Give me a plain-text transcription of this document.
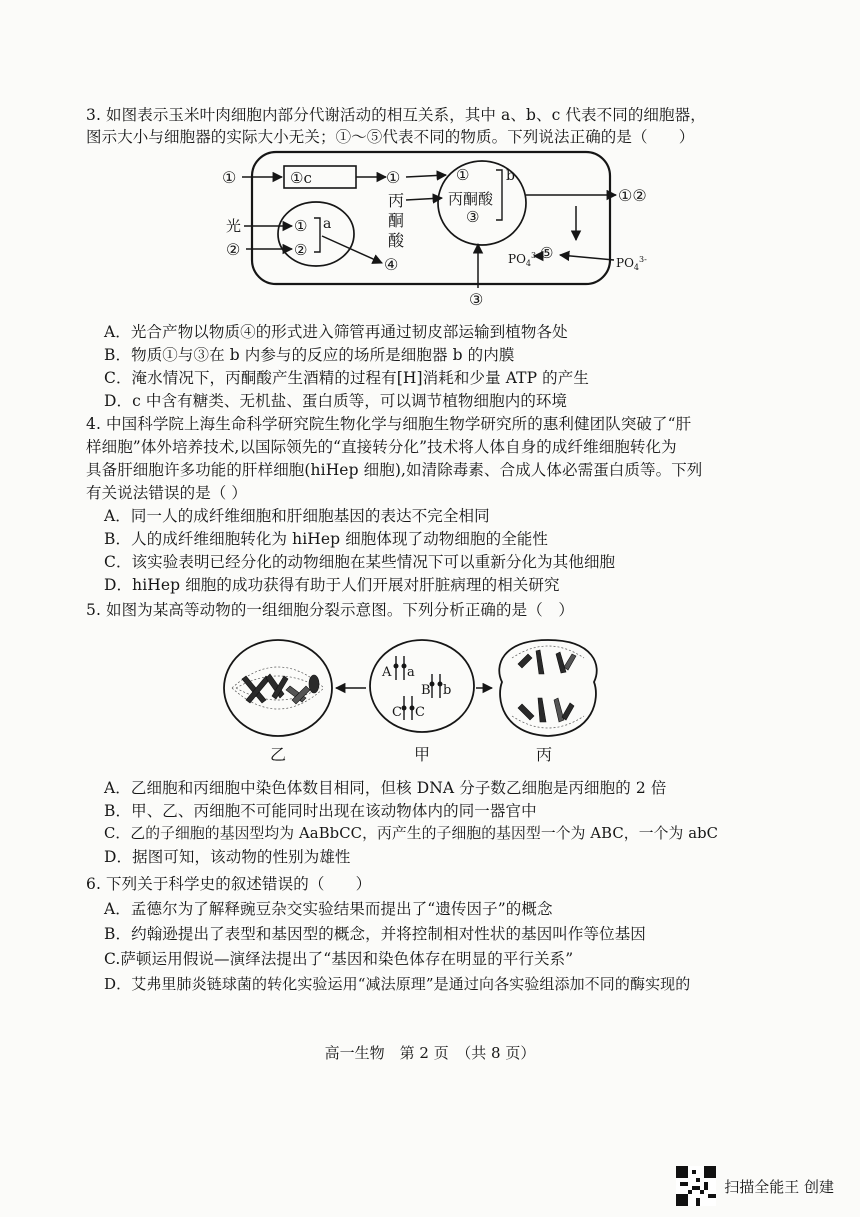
3. 如图表示玉米叶肉细胞内部分代谢活动的相互关系，其中 a、b、c 代表不同的细胞器，
图示大小与细胞器的实际大小无关；①～⑤代表不同的物质。下列说法正确的是（　　）
①c
①	①
丙
酮
酸
①
丙酮酸
③
b
①②
光
②
①
②
a
④	$PO_4^{3-}$
⑤
$PO_4^{3-}$
③
A．光合产物以物质④的形式进入筛管再通过韧皮部运输到植物各处
B．物质①与③在 b 内参与的反应的场所是细胞器 b 的内膜
C．淹水情况下，丙酮酸产生酒精的过程有[H]消耗和少量 ATP 的产生
D．c 中含有糖类、无机盐、蛋白质等，可以调节植物细胞内的环境
4. 中国科学院上海生命科学研究院生物化学与细胞生物学研究所的惠利健团队突破了“肝
样细胞”体外培养技术,以国际领先的“直接转分化”技术将人体自身的成纤维细胞转化为
具备肝细胞许多功能的肝样细胞(hiHep 细胞),如清除毒素、合成人体必需蛋白质等。下列
有关说法错误的是（ ）
A．同一人的成纤维细胞和肝细胞基因的表达不完全相同
B．人的成纤维细胞转化为 hiHep 细胞体现了动物细胞的全能性
C．该实验表明已经分化的动物细胞在某些情况下可以重新分化为其他细胞
D．hiHep 细胞的成功获得有助于人们开展对肝脏病理的相关研究
5. 如图为某高等动物的一组细胞分裂示意图。下列分析正确的是（　）
乙
A a
B b
C C
甲	丙
A．乙细胞和丙细胞中染色体数目相同，但核 DNA 分子数乙细胞是丙细胞的 2 倍
B．甲、乙、丙细胞不可能同时出现在该动物体内的同一器官中
C．乙的子细胞的基因型均为 AaBbCC，丙产生的子细胞的基因型一个为 ABC，一个为 abC
D．据图可知，该动物的性别为雄性
6. 下列关于科学史的叙述错误的（　　）
A．孟德尔为了解释豌豆杂交实验结果而提出了“遗传因子”的概念
B．约翰逊提出了表型和基因型的概念，并将控制相对性状的基因叫作等位基因
C.萨顿运用假说—演绎法提出了“基因和染色体存在明显的平行关系”
D．艾弗里肺炎链球菌的转化实验运用“减法原理”是通过向各实验组添加不同的酶实现的
高一生物　第 2 页　（共 8 页）
扫描全能王 创建
